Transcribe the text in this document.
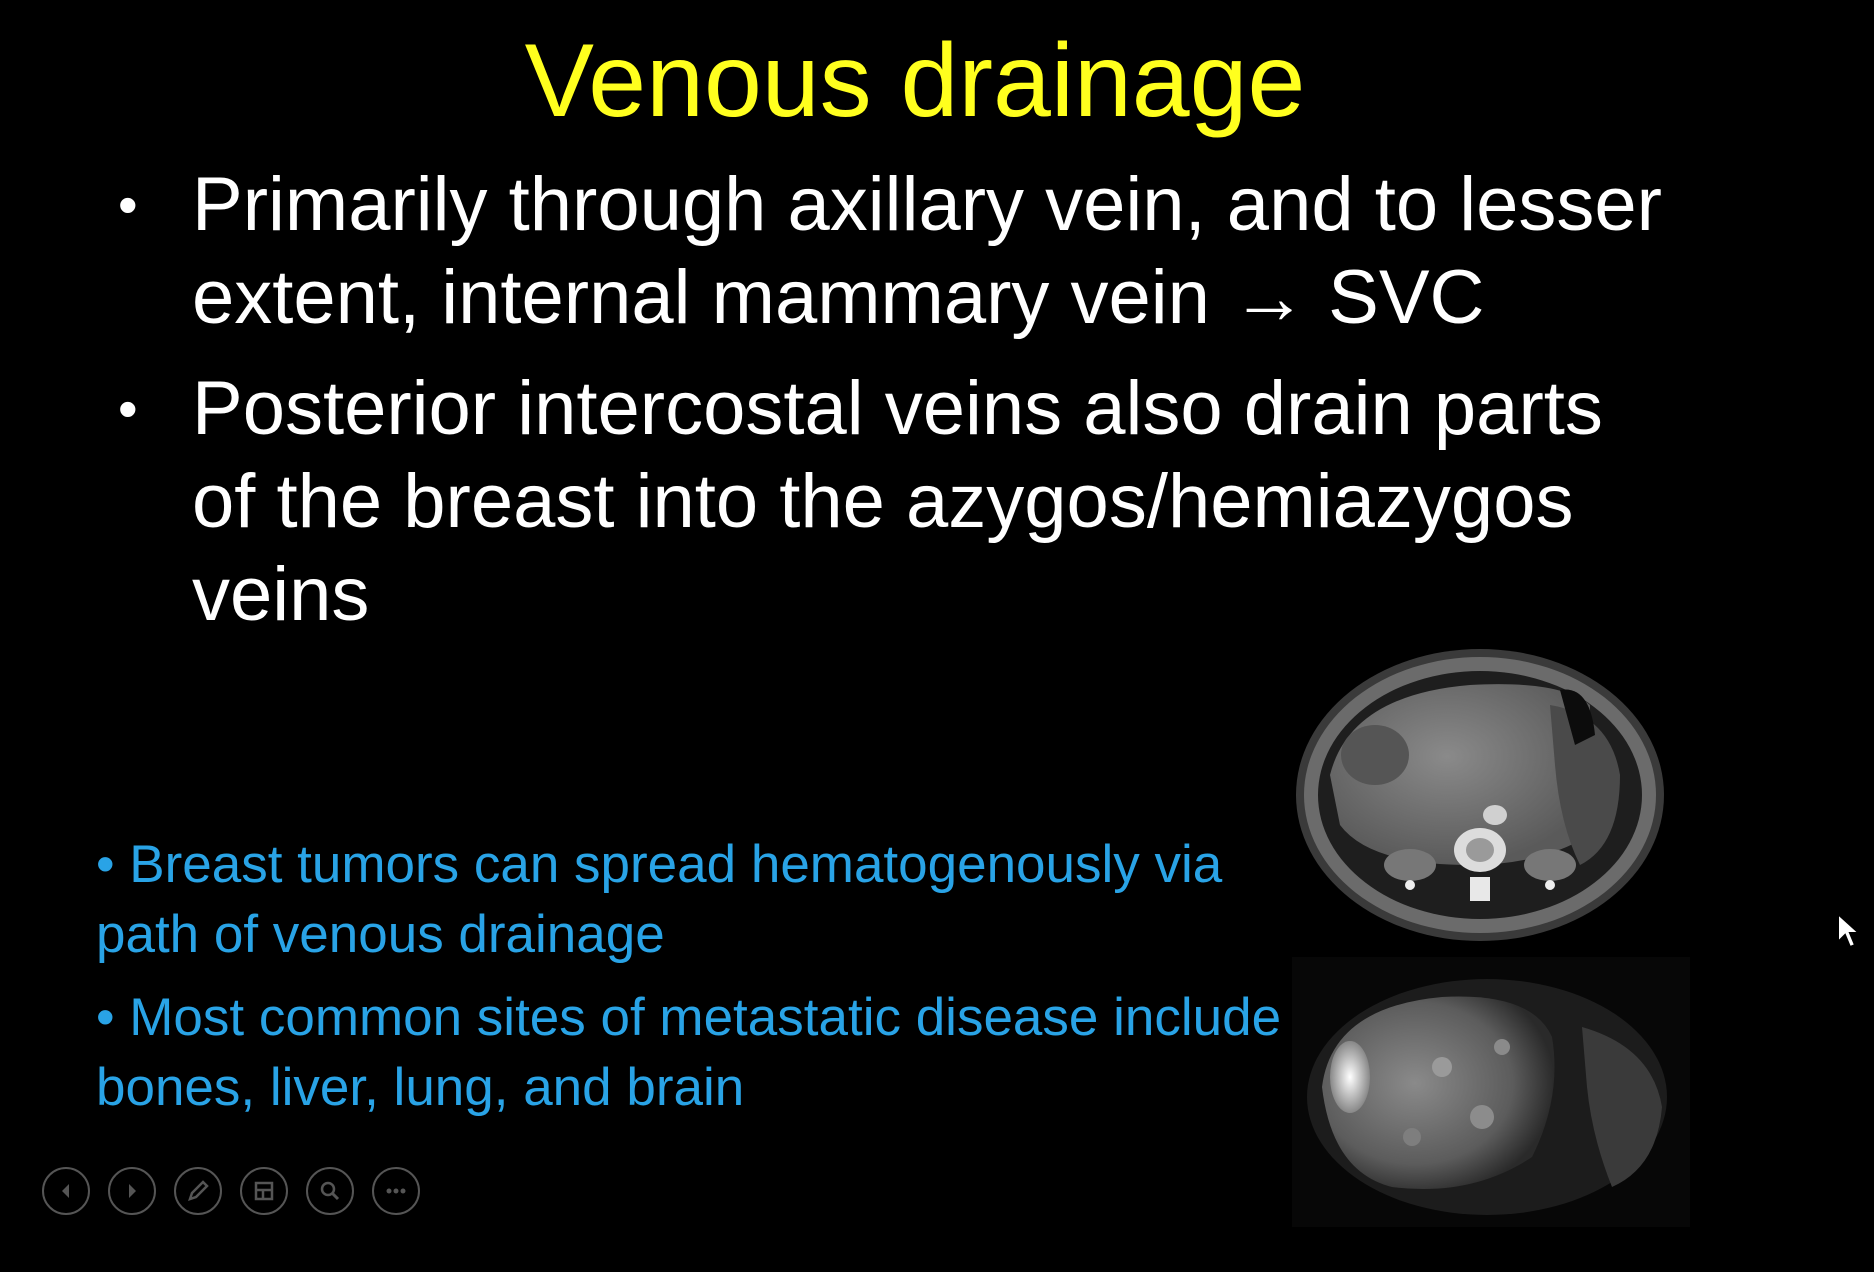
Venous drainage
• Primarily through axillary vein, and to lesser extent, internal mammary vein → SVC
• Posterior intercostal veins also drain parts of the breast into the azygos/hemiazygos veins
• Breast tumors can spread hematogenously via path of venous drainage
• Most common sites of metastatic disease include bones, liver, lung, and brain
